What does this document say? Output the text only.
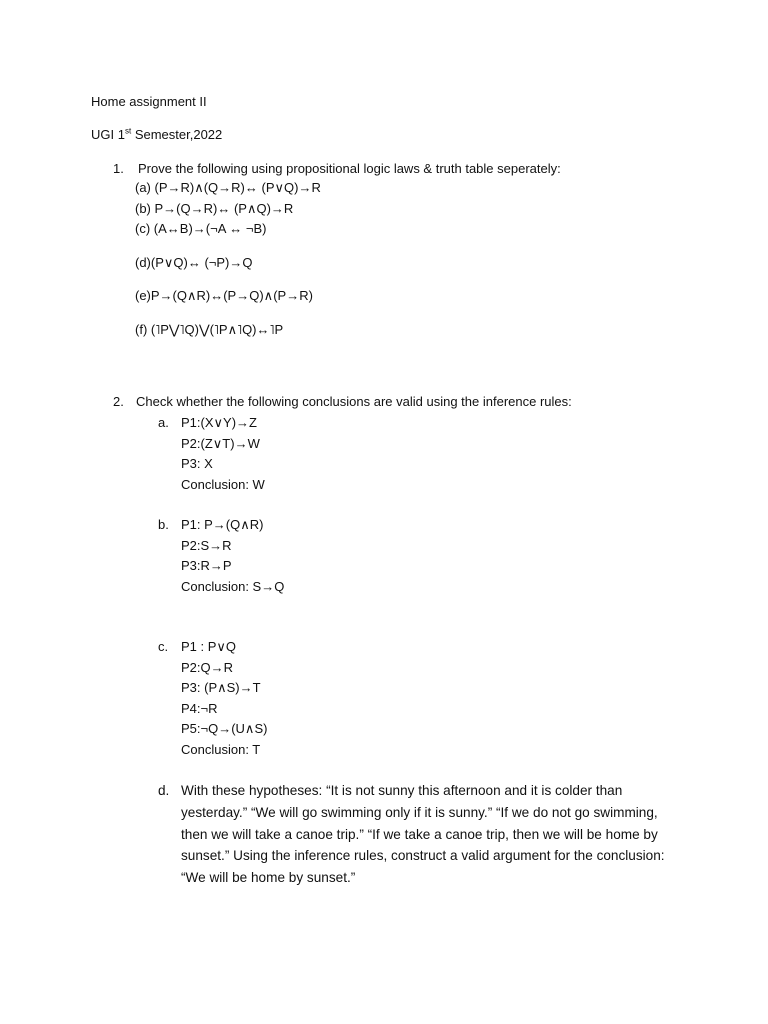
Home assignment II
UGI 1st Semester,2022
1. Prove the following using propositional logic laws & truth table seperately:
(a) (P→R)∧(Q→R)↔ (P∨Q)→R
(b) P→(Q→R)↔ (P∧Q)→R
(c) (A↔B)→(¬A ↔ ¬B)
(d)(P∨Q)↔ (¬P)→Q
(e)P→(Q∧R)↔(P→Q)∧(P→R)
(f) (˥P⋁˥Q)⋁(˥P∧˥Q)↔˥P
2. Check whether the following conclusions are valid using the inference rules:
a. P1:(X∨Y)→Z
P2:(Z∨T)→W
P3: X
Conclusion: W
b. P1: P→(Q∧R)
P2:S→R
P3:R→P
Conclusion: S→Q
c. P1 : P∨Q
P2:Q→R
P3: (P∧S)→T
P4:¬R
P5:¬Q→(U∧S)
Conclusion: T
d. With these hypotheses: “It is not sunny this afternoon and it is colder than yesterday.” “We will go swimming only if it is sunny.” “If we do not go swimming, then we will take a canoe trip.” “If we take a canoe trip, then we will be home by sunset.” Using the inference rules, construct a valid argument for the conclusion: “We will be home by sunset.”
